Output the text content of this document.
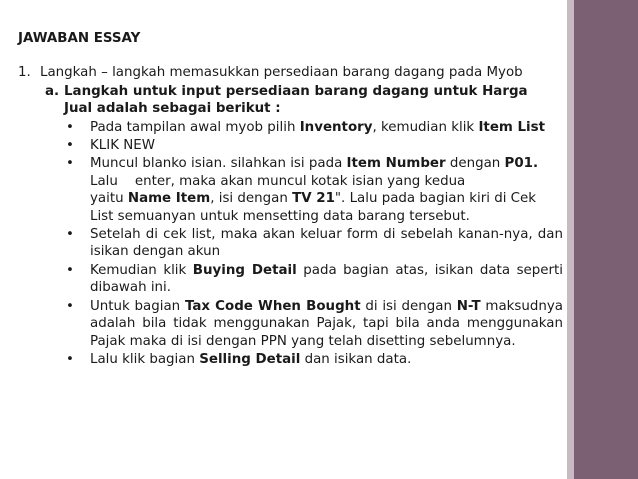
JAWABAN ESSAY
1. Langkah – langkah memasukkan persediaan barang dagang pada Myob
a. Langkah untuk input persediaan barang dagang untuk Harga
Jual adalah sebagai berikut :
• Pada tampilan awal myob pilih Inventory, kemudian klik Item List
• KLIK NEW
• Muncul blanko isian. silahkan isi pada Item Number dengan P01.
Lalu    enter, maka akan muncul kotak isian yang kedua
yaitu Name Item, isi dengan TV 21". Lalu pada bagian kiri di Cek List semuanyan untuk mensetting data barang tersebut.
• Setelah di cek list, maka akan keluar form di sebelah kanan-nya, dan isikan dengan akun
• Kemudian klik Buying Detail pada bagian atas, isikan data seperti dibawah ini.
• Untuk bagian Tax Code When Bought di isi dengan N-T maksudnya adalah bila tidak menggunakan Pajak, tapi bila anda menggunakan Pajak maka di isi dengan PPN yang telah disetting sebelumnya.
• Lalu klik bagian Selling Detail dan isikan data.
